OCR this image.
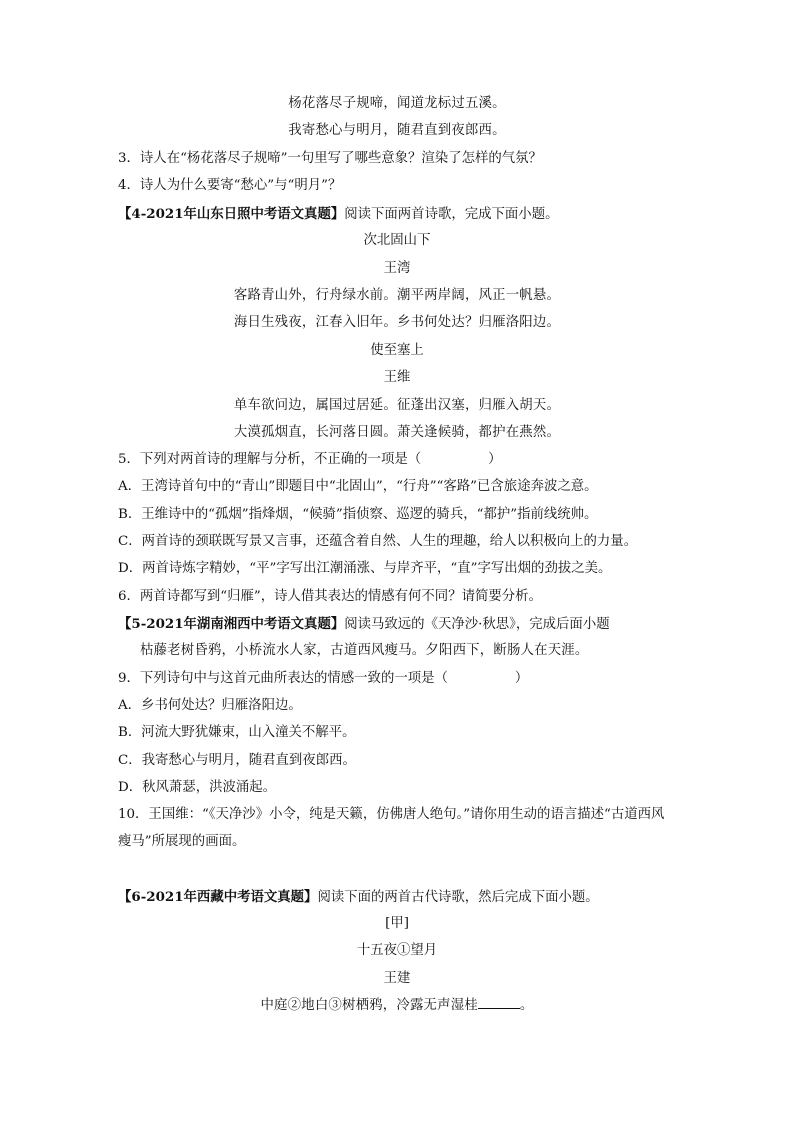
杨花落尽子规啼，闻道龙标过五溪。
我寄愁心与明月，随君直到夜郎西。
3．诗人在“杨花落尽子规啼”一句里写了哪些意象？渲染了怎样的气氛？
4．诗人为什么要寄“愁心”与“明月”？
【4-2021年山东日照中考语文真题】阅读下面两首诗歌，完成下面小题。
次北固山下
王湾
客路青山外，行舟绿水前。潮平两岸阔，风正一帆悬。
海日生残夜，江春入旧年。乡书何处达？归雁洛阳边。
使至塞上
王维
单车欲问边，属国过居延。征蓬出汉塞，归雁入胡天。
大漠孤烟直，长河落日圆。萧关逢候骑，都护在燕然。
5．下列对两首诗的理解与分析，不正确的一项是（　　　　　）
A．王湾诗首句中的“青山”即题目中“北固山”，“行舟”“客路”已含旅途奔波之意。
B．王维诗中的“孤烟”指烽烟，“候骑”指侦察、巡逻的骑兵，“都护”指前线统帅。
C．两首诗的颈联既写景又言事，还蕴含着自然、人生的理趣，给人以积极向上的力量。
D．两首诗炼字精妙，“平”字写出江潮涌涨、与岸齐平，“直”字写出烟的劲拔之美。
6．两首诗都写到“归雁”，诗人借其表达的情感有何不同？请简要分析。
【5-2021年湖南湘西中考语文真题】阅读马致远的《天净沙·秋思》，完成后面小题
枯藤老树昏鸦，小桥流水人家，古道西风瘦马。夕阳西下，断肠人在天涯。
9．下列诗句中与这首元曲所表达的情感一致的一项是（　　　　　）
A．乡书何处达？归雁洛阳边。
B．河流大野犹嫌束，山入潼关不解平。
C．我寄愁心与明月，随君直到夜郎西。
D．秋风萧瑟，洪波涌起。
10．王国维：“《天净沙》小令，纯是天籁，仿佛唐人绝句。”请你用生动的语言描述“古道西风
瘦马”所展现的画面。
【6-2021年西藏中考语文真题】阅读下面的两首古代诗歌，然后完成下面小题。
[甲]
十五夜①望月
王建
中庭②地白③树栖鸦，冷露无声湿桂	。
